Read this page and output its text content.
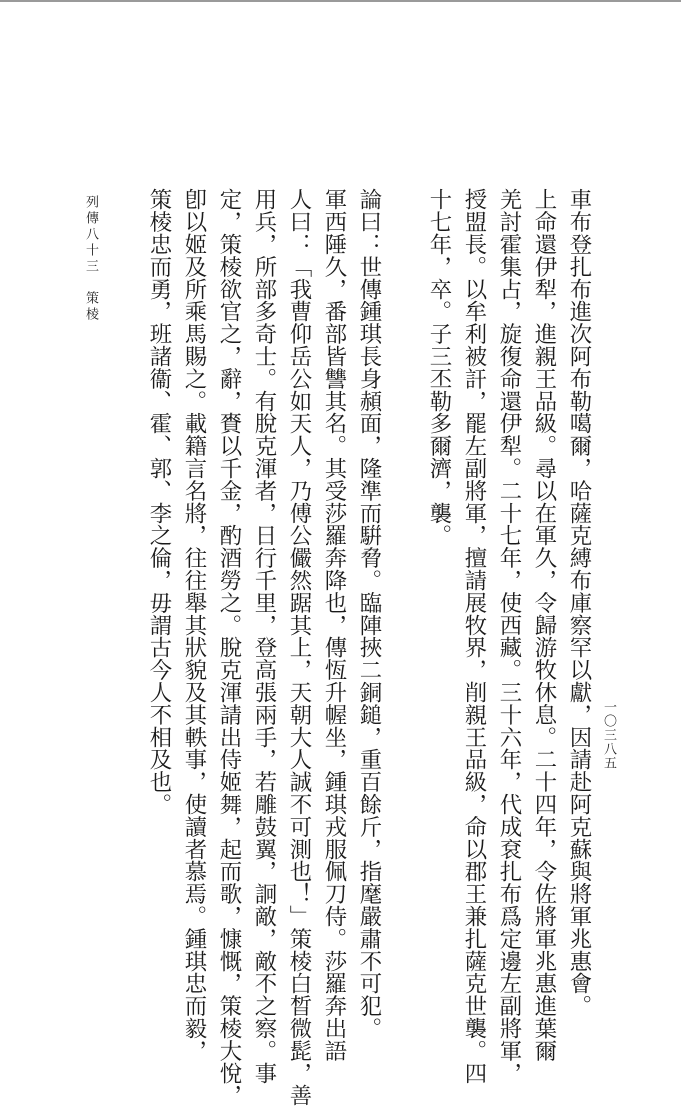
列傳八十三　策棱
一〇三八五
車布登扎布進次阿布勒噶爾，哈薩克縛布庫察罕以獻，因請赴阿克蘇與將軍兆惠會。
上命還伊犁，進親王品級。尋以在軍久，令歸游牧休息。二十四年，令佐將軍兆惠進葉爾
羌討霍集占，旋復命還伊犁。二十七年，使西藏。三十六年，代成袞扎布爲定邊左副將軍，
授盟長。以牟利被訐，罷左副將軍，擅請展牧界，削親王品級，命以郡王兼扎薩克世襲。四
十七年，卒。子三丕勒多爾濟，襲。
論曰：世傳鍾琪長身頳面，隆準而騈脅。臨陣挾二銅鎚，重百餘斤，指麾嚴肅不可犯。
軍西陲久，番部皆讐其名。其受莎羅奔降也，傳恆升幄坐，鍾琪戎服佩刀侍。莎羅奔出語
人曰：「我曹仰岳公如天人，乃傅公儼然踞其上，天朝大人誠不可測也！」策棱白晳微髭，善
用兵，所部多奇士。有脫克渾者，日行千里，登高張兩手，若雕鼓翼，詗敵，敵不之察。事
定，策棱欲官之，辭，賚以千金，酌酒勞之。脫克渾請出侍姬舞，起而歌，慷慨，策棱大悅，
卽以姬及所乘馬賜之。載籍言名將，往往舉其狀貌及其軼事，使讀者慕焉。鍾琪忠而毅，
策棱忠而勇，班諸衞、霍、郭、李之倫，毋謂古今人不相及也。
